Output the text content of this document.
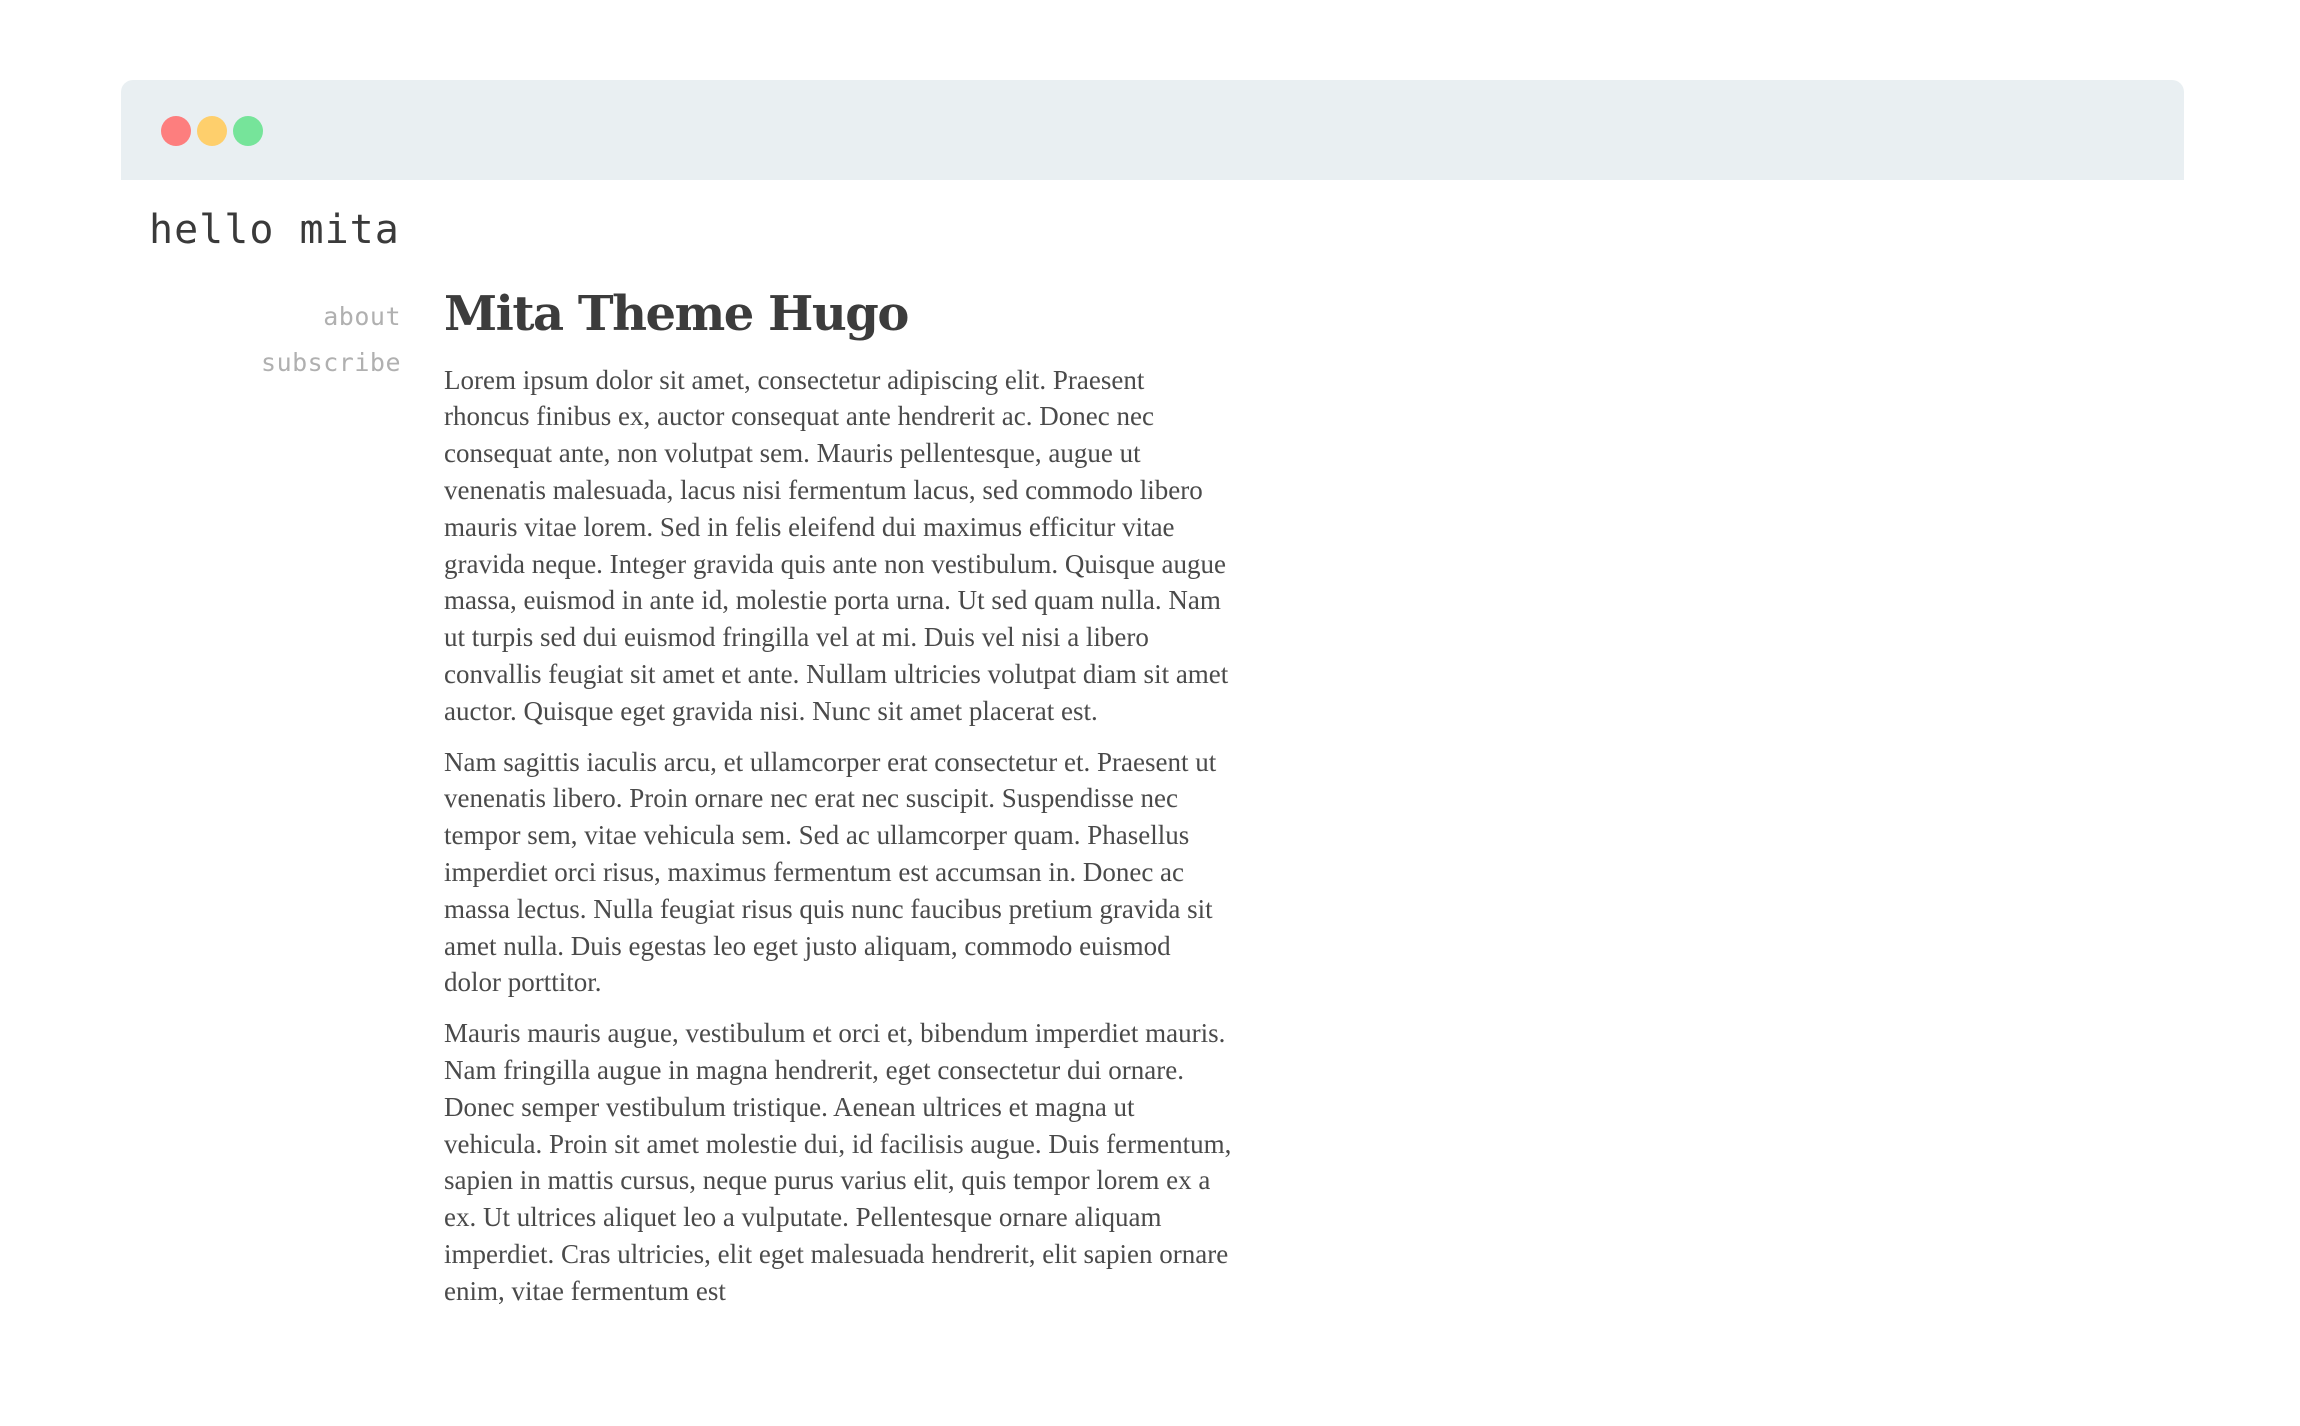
hello mita
about
subscribe
Mita Theme Hugo

Lorem ipsum dolor sit amet, consectetur adipiscing elit. Praesent rhoncus finibus ex, auctor consequat ante hendrerit ac. Donec nec consequat ante, non volutpat sem. Mauris pellentesque, augue ut venenatis malesuada, lacus nisi fermentum lacus, sed commodo libero mauris vitae lorem. Sed in felis eleifend dui maximus efficitur vitae gravida neque. Integer gravida quis ante non vestibulum. Quisque augue massa, euismod in ante id, molestie porta urna. Ut sed quam nulla. Nam ut turpis sed dui euismod fringilla vel at mi. Duis vel nisi a libero convallis feugiat sit amet et ante. Nullam ultricies volutpat diam sit amet auctor. Quisque eget gravida nisi. Nunc sit amet placerat est.

Nam sagittis iaculis arcu, et ullamcorper erat consectetur et. Praesent ut venenatis libero. Proin ornare nec erat nec suscipit. Suspendisse nec tempor sem, vitae vehicula sem. Sed ac ullamcorper quam. Phasellus imperdiet orci risus, maximus fermentum est accumsan in. Donec ac massa lectus. Nulla feugiat risus quis nunc faucibus pretium gravida sit amet nulla. Duis egestas leo eget justo aliquam, commodo euismod dolor porttitor.

Mauris mauris augue, vestibulum et orci et, bibendum imperdiet mauris. Nam fringilla augue in magna hendrerit, eget consectetur dui ornare. Donec semper vestibulum tristique. Aenean ultrices et magna ut vehicula. Proin sit amet molestie dui, id facilisis augue. Duis fermentum, sapien in mattis cursus, neque purus varius elit, quis tempor lorem ex a ex. Ut ultrices aliquet leo a vulputate. Pellentesque ornare aliquam imperdiet. Cras ultricies, elit eget malesuada hendrerit, elit sapien ornare enim, vitae fermentum est
